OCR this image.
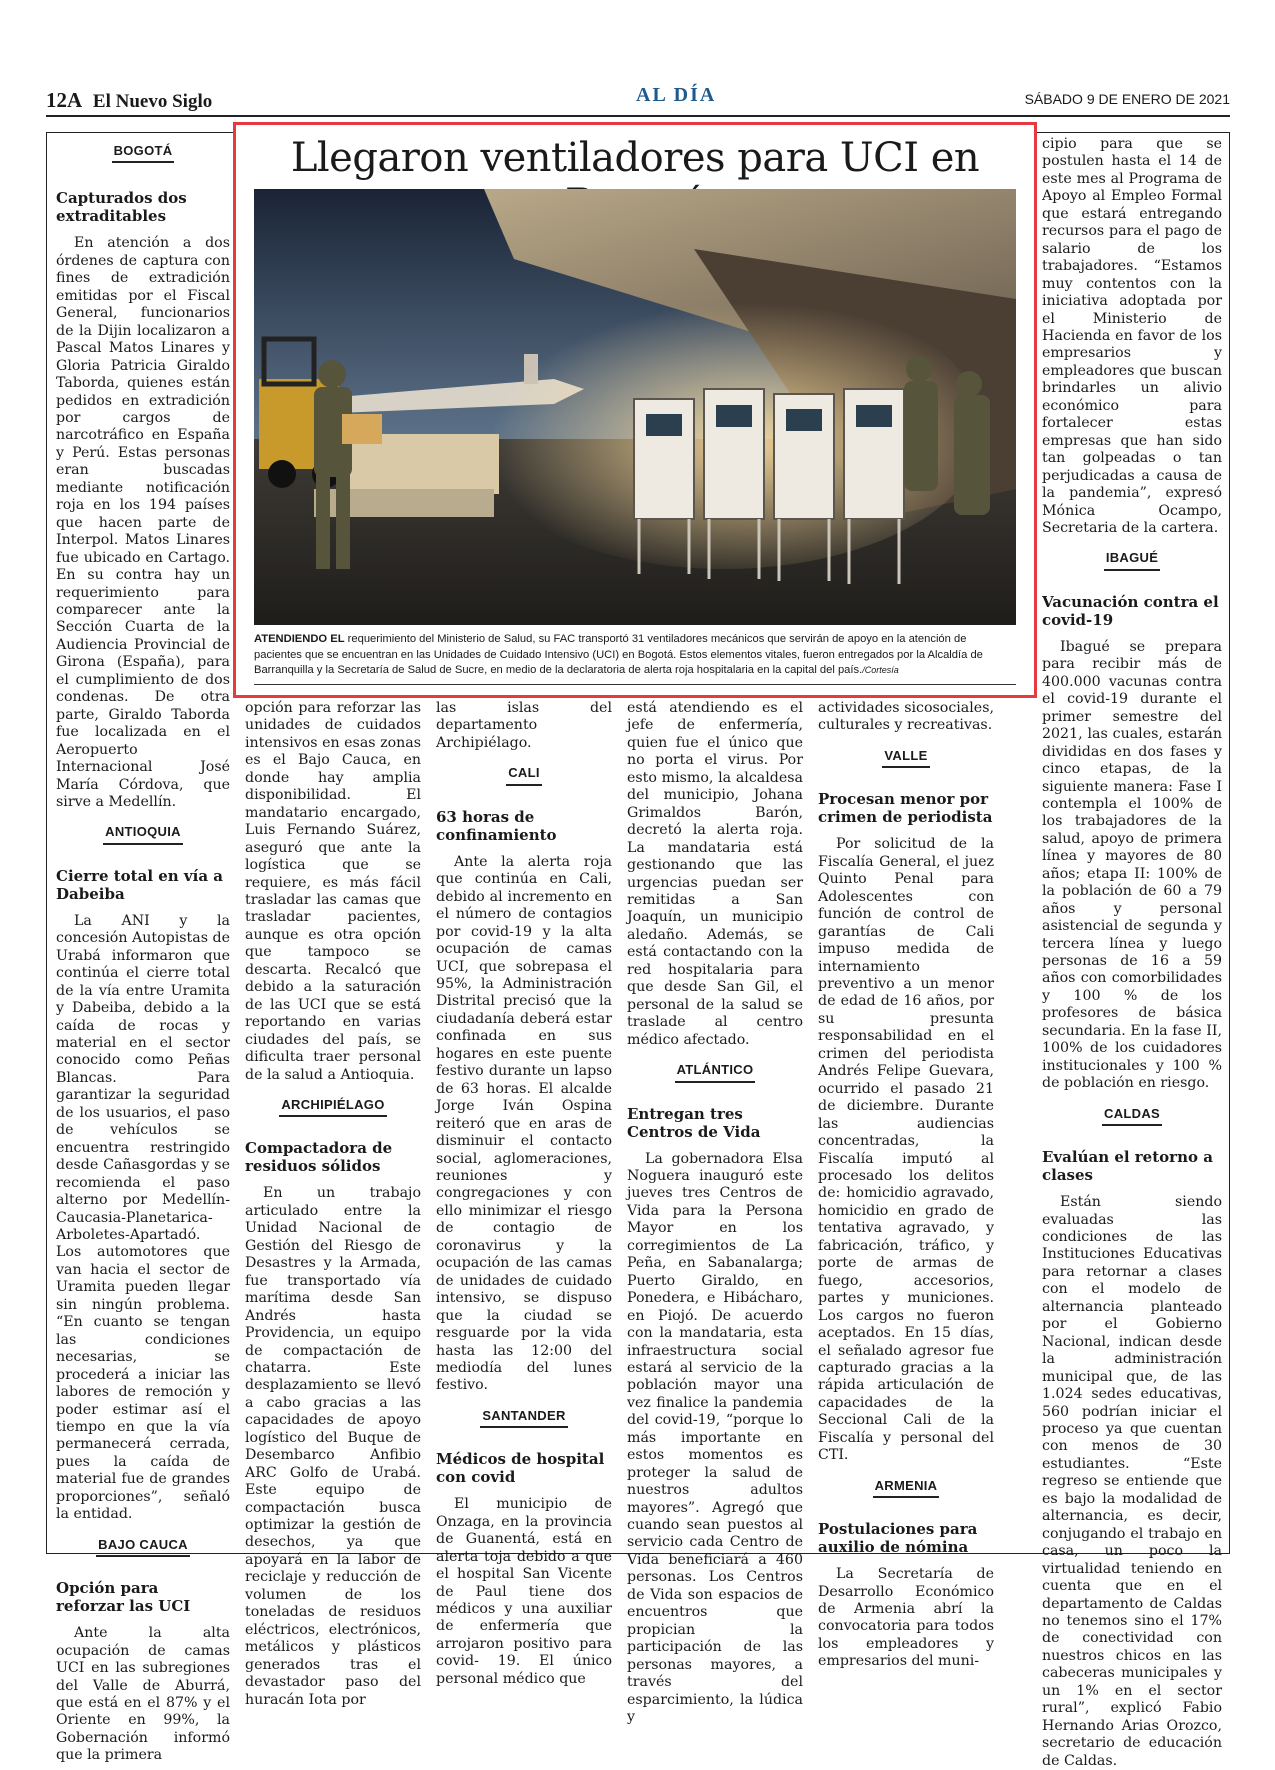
12A El Nuevo Siglo	AL DÍA	SÁBADO 9 DE ENERO DE 2021
BOGOTÁ
Capturados dos extraditables

En atención a dos órdenes de captura con fines de extradición emitidas por el Fiscal General, funcionarios de la Dijin localizaron a Pascal Matos Linares y Gloria Patricia Giraldo Taborda, quienes están pedidos en extradición por cargos de narcotráfico en España y Perú. Estas personas eran buscadas mediante notificación roja en los 194 países que hacen parte de Interpol. Matos Linares fue ubicado en Cartago. En su contra hay un requerimiento para comparecer ante la Sección Cuarta de la Audiencia Provincial de Girona (España), para el cumplimiento de dos condenas. De otra parte, Giraldo Taborda fue localizada en el Aeropuerto Internacional José María Córdova, que sirve a Medellín.

ANTIOQUIA
Cierre total en vía a Dabeiba

La ANI y la concesión Autopistas de Urabá informaron que continúa el cierre total de la vía entre Uramita y Dabeiba, debido a la caída de rocas y material en el sector conocido como Peñas Blancas. Para garantizar la seguridad de los usuarios, el paso de vehículos se encuentra restringido desde Cañasgordas y se recomienda el paso alterno por Medellín-Caucasia-Planetarica-Arboletes-Apartadó. Los automotores que van hacia el sector de Uramita pueden llegar sin ningún problema. “En cuanto se tengan las condiciones necesarias, se procederá a iniciar las labores de remoción y poder estimar así el tiempo en que la vía permanecerá cerrada, pues la caída de material fue de grandes proporciones”, señaló la entidad.

BAJO CAUCA
Opción para reforzar las UCI

Ante la alta ocupación de camas UCI en las subregiones del Valle de Aburrá, que está en el 87% y el Oriente en 99%, la Gobernación informó que la primera

opción para reforzar las unidades de cuidados intensivos en esas zonas es el Bajo Cauca, en donde hay amplia disponibilidad. El mandatario encargado, Luis Fernando Suárez, aseguró que ante la logística que se requiere, es más fácil trasladar las camas que trasladar pacientes, aunque es otra opción que tampoco se descarta. Recalcó que debido a la saturación de las UCI que se está reportando en varias ciudades del país, se dificulta traer personal de la salud a Antioquia.

ARCHIPIÉLAGO
Compactadora de residuos sólidos

En un trabajo articulado entre la Unidad Nacional de Gestión del Riesgo de Desastres y la Armada, fue transportado vía marítima desde San Andrés hasta Providencia, un equipo de compactación de chatarra. Este desplazamiento se llevó a cabo gracias a las capacidades de apoyo logístico del Buque de Desembarco Anfibio ARC Golfo de Urabá. Este equipo de compactación busca optimizar la gestión de desechos, ya que apoyará en la labor de reciclaje y reducción de volumen de los toneladas de residuos eléctricos, electrónicos, metálicos y plásticos generados tras el devastador paso del huracán Iota por

las islas del departamento Archipiélago.

CALI
63 horas de confinamiento

Ante la alerta roja que continúa en Cali, debido al incremento en el número de contagios por covid-19 y la alta ocupación de camas UCI, que sobrepasa el 95%, la Administración Distrital precisó que la ciudadanía deberá estar confinada en sus hogares en este puente festivo durante un lapso de 63 horas. El alcalde Jorge Iván Ospina reiteró que en aras de disminuir el contacto social, aglomeraciones, reuniones y congregaciones y con ello minimizar el riesgo de contagio de coronavirus y la ocupación de las camas de unidades de cuidado intensivo, se dispuso que la ciudad se resguarde por la vida hasta las 12:00 del mediodía del lunes festivo.

SANTANDER
Médicos de hospital con covid

El municipio de Onzaga, en la provincia de Guanentá, está en alerta toja debido a que el hospital San Vicente de Paul tiene dos médicos y una auxiliar de enfermería que arrojaron positivo para covid- 19. El único personal médico que

está atendiendo es el jefe de enfermería, quien fue el único que no porta el virus. Por esto mismo, la alcaldesa del municipio, Johana Grimaldos Barón, decretó la alerta roja. La mandataria está gestionando que las urgencias puedan ser remitidas a San Joaquín, un municipio aledaño. Además, se está contactando con la red hospitalaria para que desde San Gil, el personal de la salud se traslade al centro médico afectado.

ATLÁNTICO
Entregan tres Centros de Vida

La gobernadora Elsa Noguera inauguró este jueves tres Centros de Vida para la Persona Mayor en los corregimientos de La Peña, en Sabanalarga; Puerto Giraldo, en Ponedera, e Hibácharo, en Piojó. De acuerdo con la mandataria, esta infraestructura social estará al servicio de la población mayor una vez finalice la pandemia del covid-19, “porque lo más importante en estos momentos es proteger la salud de nuestros adultos mayores”. Agregó que cuando sean puestos al servicio cada Centro de Vida beneficiará a 460 personas. Los Centros de Vida son espacios de encuentros que propician la participación de las personas mayores, a través del esparcimiento, la lúdica y

actividades sicosociales, culturales y recreativas.

VALLE
Procesan menor por crimen de periodista

Por solicitud de la Fiscalía General, el juez Quinto Penal para Adolescentes con función de control de garantías de Cali impuso medida de internamiento preventivo a un menor de edad de 16 años, por su presunta responsabilidad en el crimen del periodista Andrés Felipe Guevara, ocurrido el pasado 21 de diciembre. Durante las audiencias concentradas, la Fiscalía imputó al procesado los delitos de: homicidio agravado, homicidio en grado de tentativa agravado, y fabricación, tráfico, y porte de armas de fuego, accesorios, partes y municiones. Los cargos no fueron aceptados. En 15 días, el señalado agresor fue capturado gracias a la rápida articulación de capacidades de la Seccional Cali de la Fiscalía y personal del CTI.

ARMENIA
Postulaciones para auxilio de nómina

La Secretaría de Desarrollo Económico de Armenia abrí la convocatoria para todos los empleadores y empresarios del muni-

cipio para que se postulen hasta el 14 de este mes al Programa de Apoyo al Empleo Formal que estará entregando recursos para el pago de salario de los trabajadores. “Estamos muy contentos con la iniciativa adoptada por el Ministerio de Hacienda en favor de los empresarios y empleadores que buscan brindarles un alivio económico para fortalecer estas empresas que han sido tan golpeadas o tan perjudicadas a causa de la pandemia”, expresó Mónica Ocampo, Secretaria de la cartera.

IBAGUÉ
Vacunación contra el covid-19

Ibagué se prepara para recibir más de 400.000 vacunas contra el covid-19 durante el primer semestre del 2021, las cuales, estarán divididas en dos fases y cinco etapas, de la siguiente manera: Fase I contempla el 100% de los trabajadores de la salud, apoyo de primera línea y mayores de 80 años; etapa II: 100% de la población de 60 a 79 años y personal asistencial de segunda y tercera línea y luego personas de 16 a 59 años con comorbilidades y 100 % de los profesores de básica secundaria. En la fase II, 100% de los cuidadores institucionales y 100 % de población en riesgo.

CALDAS
Evalúan el retorno a clases

Están siendo evaluadas las condiciones de las Instituciones Educativas para retornar a clases con el modelo de alternancia planteado por el Gobierno Nacional, indican desde la administración municipal que, de las 1.024 sedes educativas, 560 podrían iniciar el proceso ya que cuentan con menos de 30 estudiantes. “Este regreso se entiende que es bajo la modalidad de alternancia, es decir, conjugando el trabajo en casa, un poco la virtualidad teniendo en cuenta que en el departamento de Caldas no tenemos sino el 17% de conectividad con nuestros chicos en las cabeceras municipales y un 1% en el sector rural”, explicó Fabio Hernando Arias Orozco, secretario de educación de Caldas.

Llegaron ventiladores para UCI en
ATENDIENDO EL requerimiento del Ministerio de Salud, su FAC transportó 31 ventiladores mecánicos que servirán de apoyo en la atención de pacientes que se encuentran en las Unidades de Cuidado Intensivo (UCI) en Bogotá. Estos elementos vitales, fueron entregados por la Alcaldía de Barranquilla y la Secretaría de Salud de Sucre, en medio de la declaratoria de alerta roja hospitalaria en la capital del país./Cortesía
